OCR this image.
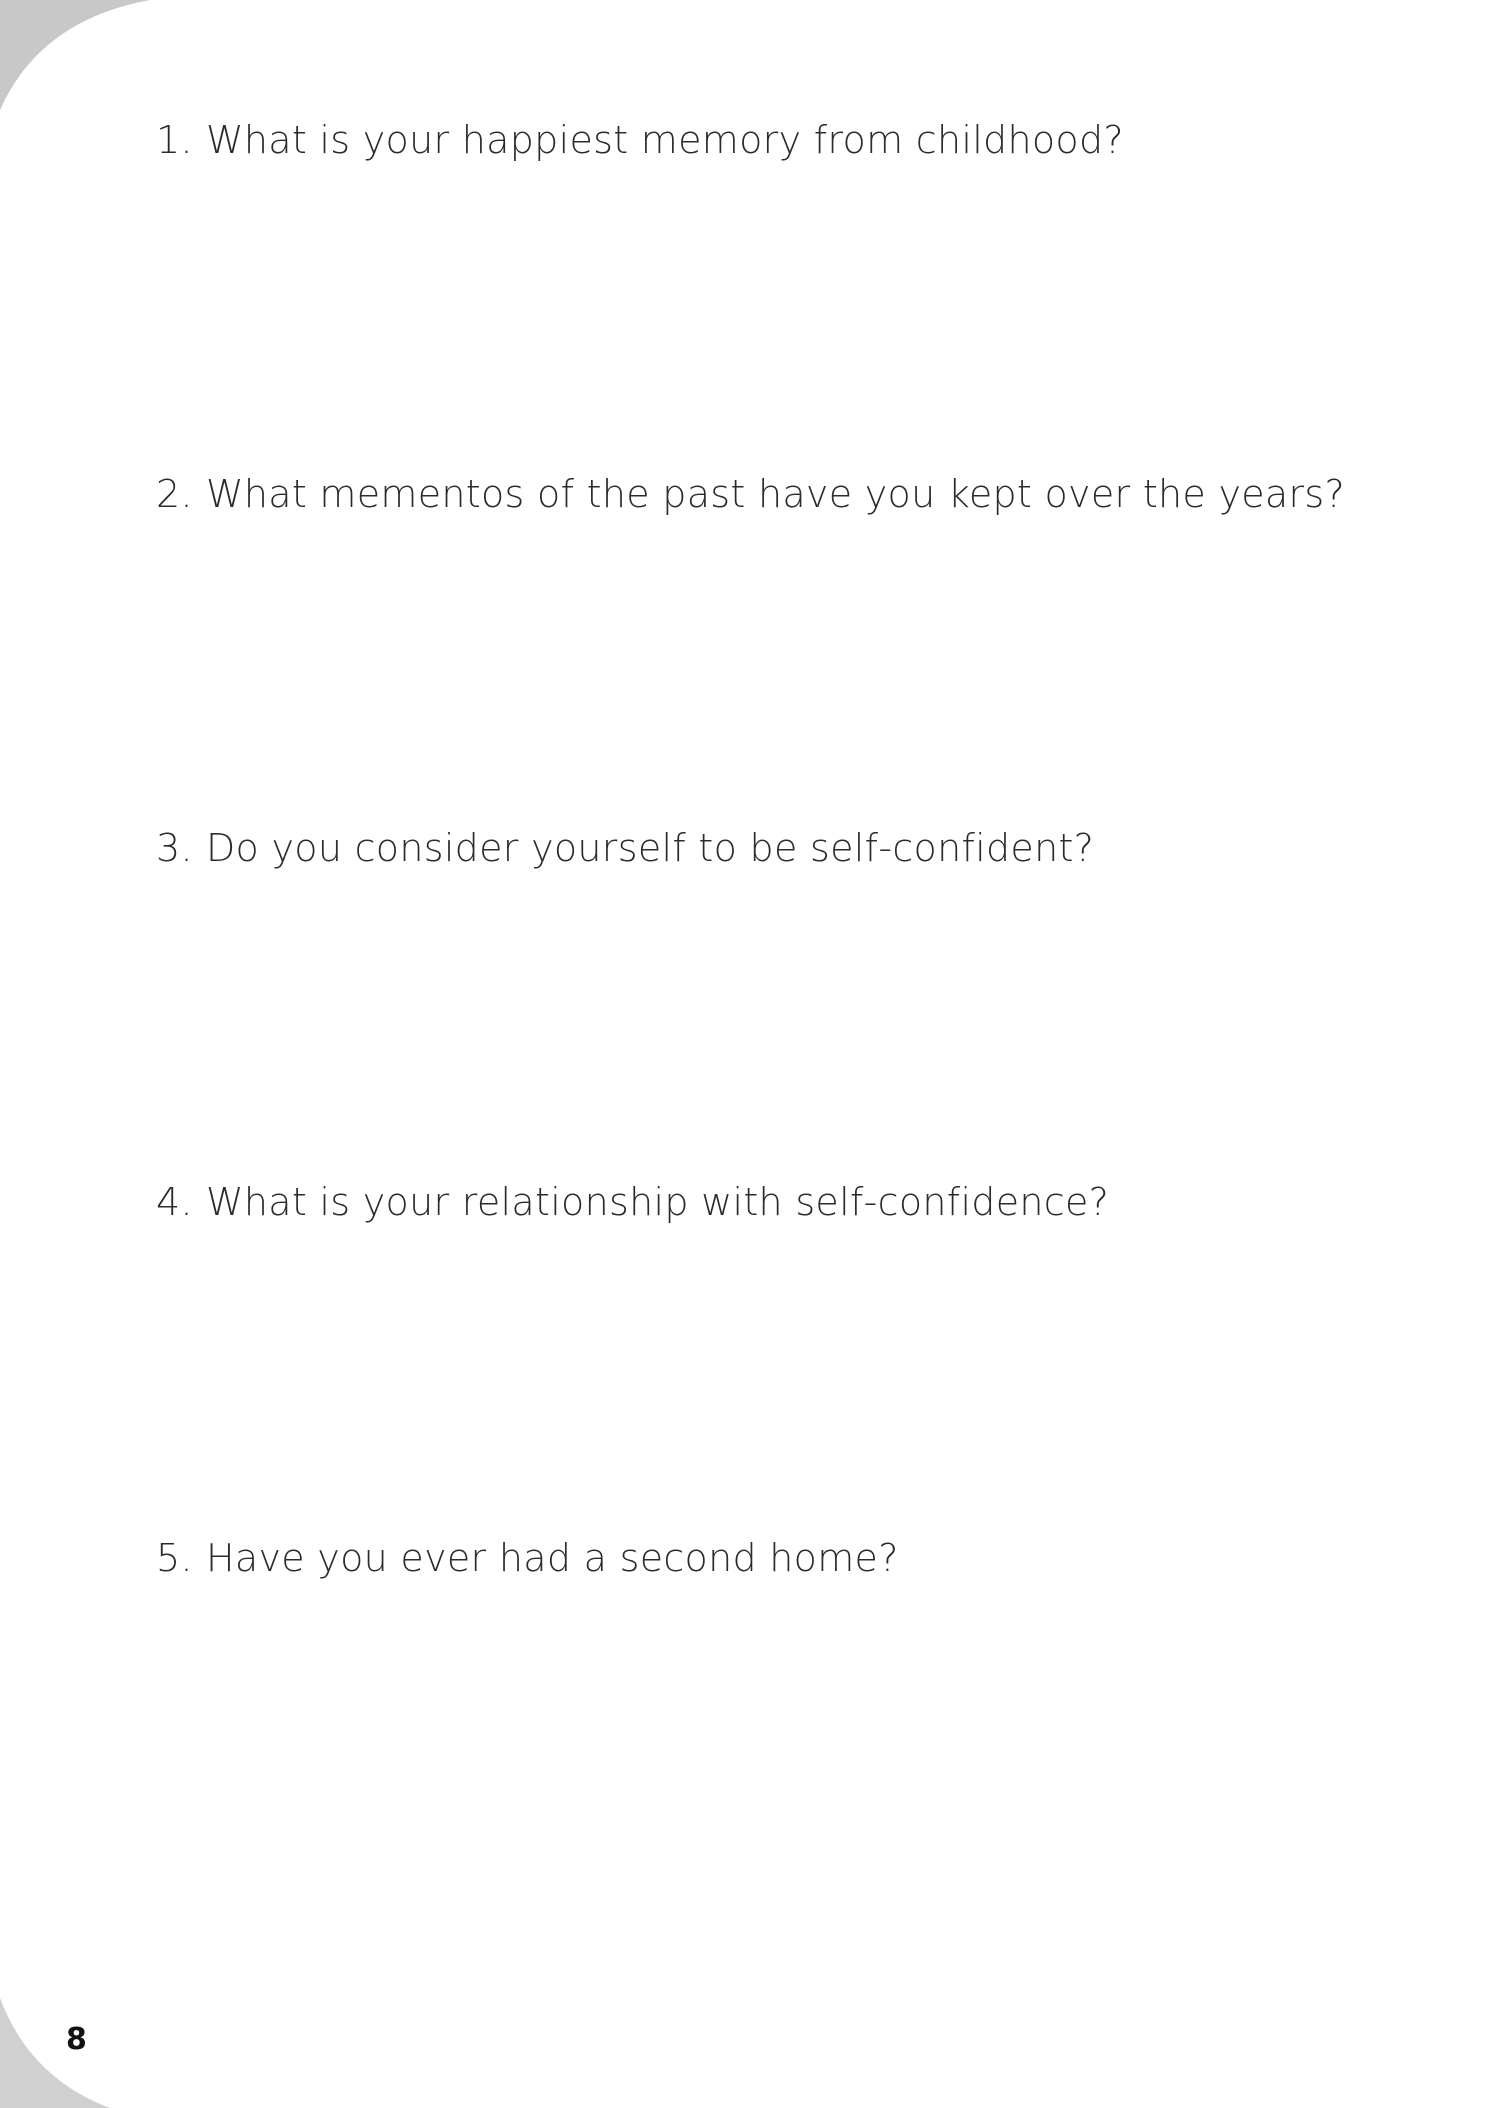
1. What is your happiest memory from childhood?

2. What mementos of the past have you kept over the years?

3. Do you consider yourself to be self-confident?

4. What is your relationship with self-confidence?

5. Have you ever had a second home?

8
